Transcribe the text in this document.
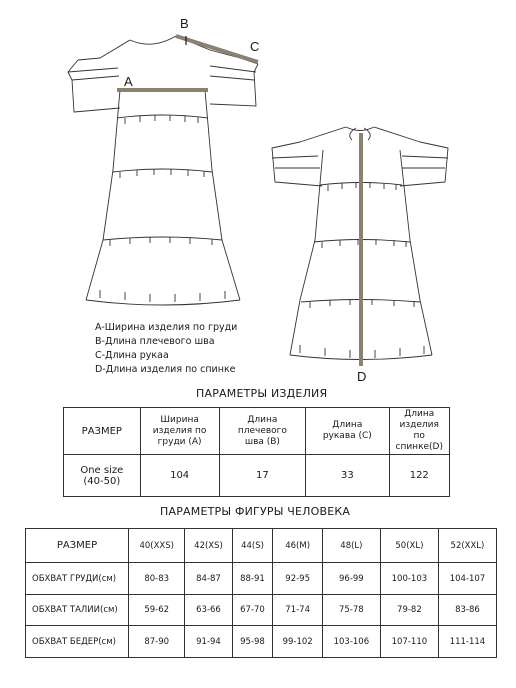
A
B
C
D
A-Ширина изделия по груди
B-Длина плечевого шва
C-Длина рукаа
D-Длина изделия по спинке
ПАРАМЕТРЫ ИЗДЕЛИЯ
РАЗМЕР	Ширина изделия по груди (А)	Длина плечевого шва (В)	Длина рукава (С)	Длина изделия по спинке(D)
One size (40-50)	104	17	33	122
ПАРАМЕТРЫ ФИГУРЫ ЧЕЛОВЕКА
РАЗМЕР	40(XXS)	42(XS)	44(S)	46(M)	48(L)	50(XL)	52(XXL)
ОБХВАТ ГРУДИ(см)	80-83	84-87	88-91	92-95	96-99	100-103	104-107
ОБХВАТ ТАЛИИ(см)	59-62	63-66	67-70	71-74	75-78	79-82	83-86
ОБХВАТ БЕДЕР(см)	87-90	91-94	95-98	99-102	103-106	107-110	111-114
